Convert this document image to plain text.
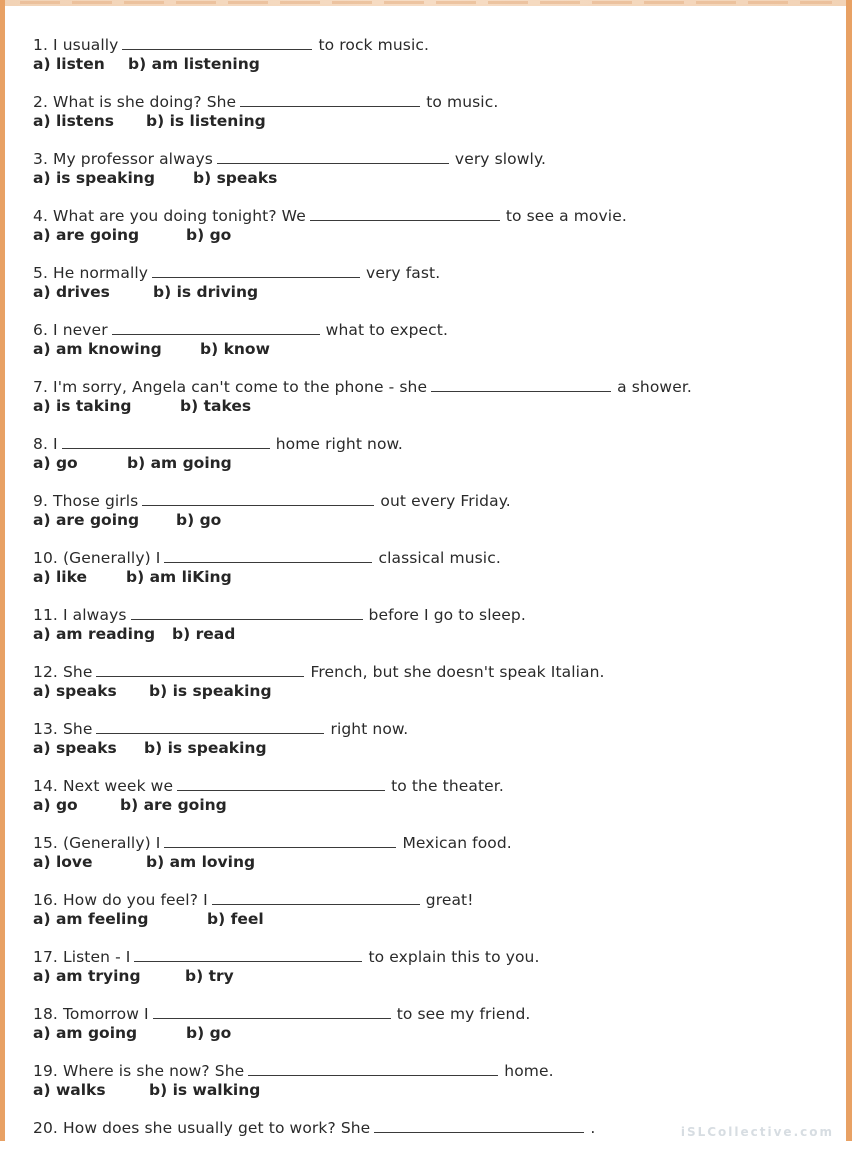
1. I usually	to rock music.
a) listen b) am listening
2. What is she doing? She	to music.
a) listens b) is listening
3. My professor always	very slowly.
a) is speaking b) speaks
4. What are you doing tonight? We	to see a movie.
a) are going	b) go
5. He normally	very fast.
a) drives	b) is driving
6. I never	what to expect.
a) am knowing b) know
7. I'm sorry, Angela can't come to the phone - she	a shower.
a) is taking	b) takes
8. I	home right now.
a) go	b) am going
9. Those girls	out every Friday.
a) are going b) go
10. (Generally) I	classical music.
a) like	b) am liKing
11. I always	before I go to sleep.
a) am reading b) read
12. She	French, but she doesn't speak Italian.
a) speaks b) is speaking
13. She	right now.
a) speaks b) is speaking
14. Next week we	to the theater.
a) go	b) are going
15. (Generally) I	Mexican food.
a) love	b) am loving
16. How do you feel? I	great!
a) am feeling	b) feel
17. Listen - I	to explain this to you.
a) am trying	b) try
18. Tomorrow I	to see my friend.
a) am going	b) go
19. Where is she now? She	home.
a) walks	b) is walking
20. How does she usually get to work? She	.	iSLCollective.com
